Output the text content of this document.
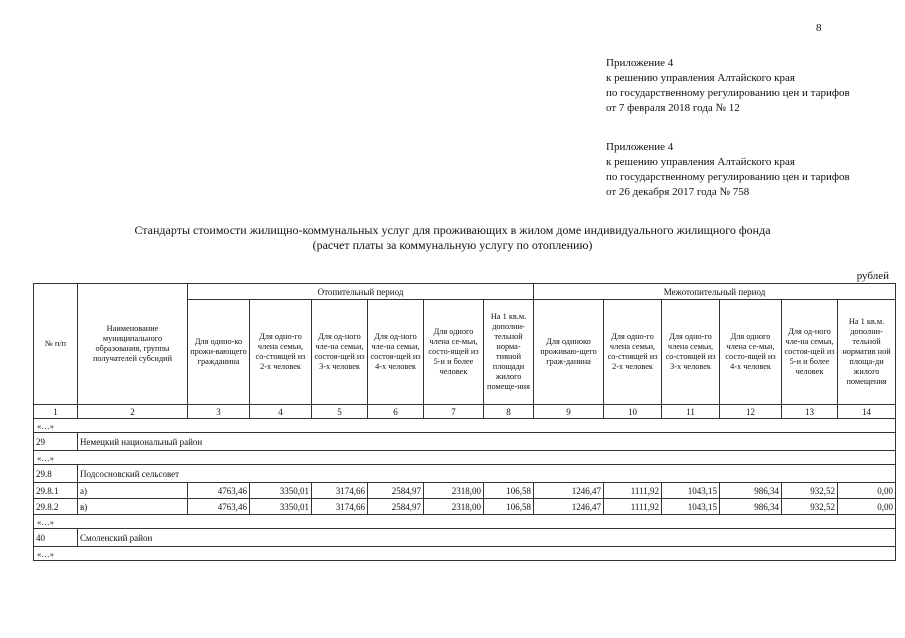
8
Приложение 4
к решению управления Алтайского края
по государственному регулированию цен и тарифов
от 7 февраля 2018 года № 12
Приложение 4
к решению управления Алтайского края
по государственному регулированию цен и тарифов
от 26 декабря 2017 года № 758
Стандарты стоимости жилищно-коммунальных услуг для проживающих в жилом доме индивидуального жилищного фонда
(расчет платы за коммунальную услугу по отоплению)
рублей
№ п/п	Наименование муниципального образования, группы получателей субсидий	Отопительный период						Межотопительный период					
		Для одино-ко прожи-вающего гражданина	Для одно-го члена семьи, со-стоящей из 2-х человек	Для од-ного чле-на семьи, состоя-щей из 3-х человек	Для од-ного чле-на семьи, состоя-щей из 4-х человек	Для одного члена се-мьи, состо-ящей из 5-и и более человек	На 1 кв.м. дополни-тельной норма-тивной площади жилого помеще-ния	Для одиноко проживаю-щего граж-данина	Для одно-го члена семьи, со-стоящей из 2-х человек	Для одно-го члена семьи, со-стоящей из 3-х человек	Для одного члена се-мьи, состо-ящей из 4-х человек	Для од-ного чле-на семьи, состоя-щей из 5-и и более человек	На 1 кв.м. дополни-тельной норматив ной площа-ди жилого помещения
1	2	3	4	5	6	7	8	9	10	11	12	13	14
«…»													
29	Немецкий национальный район												
«…»													
29.8	Подсосновский сельсовет												
29.8.1	а)	4763,46	3350,01	3174,66	2584,97	2318,00	106,58	1246,47	1111,92	1043,15	986,34	932,52	0,00
29.8.2	в)	4763,46	3350,01	3174,66	2584,97	2318,00	106,58	1246,47	1111,92	1043,15	986,34	932,52	0,00
«…»													
40	Смоленский район												
«…»													
